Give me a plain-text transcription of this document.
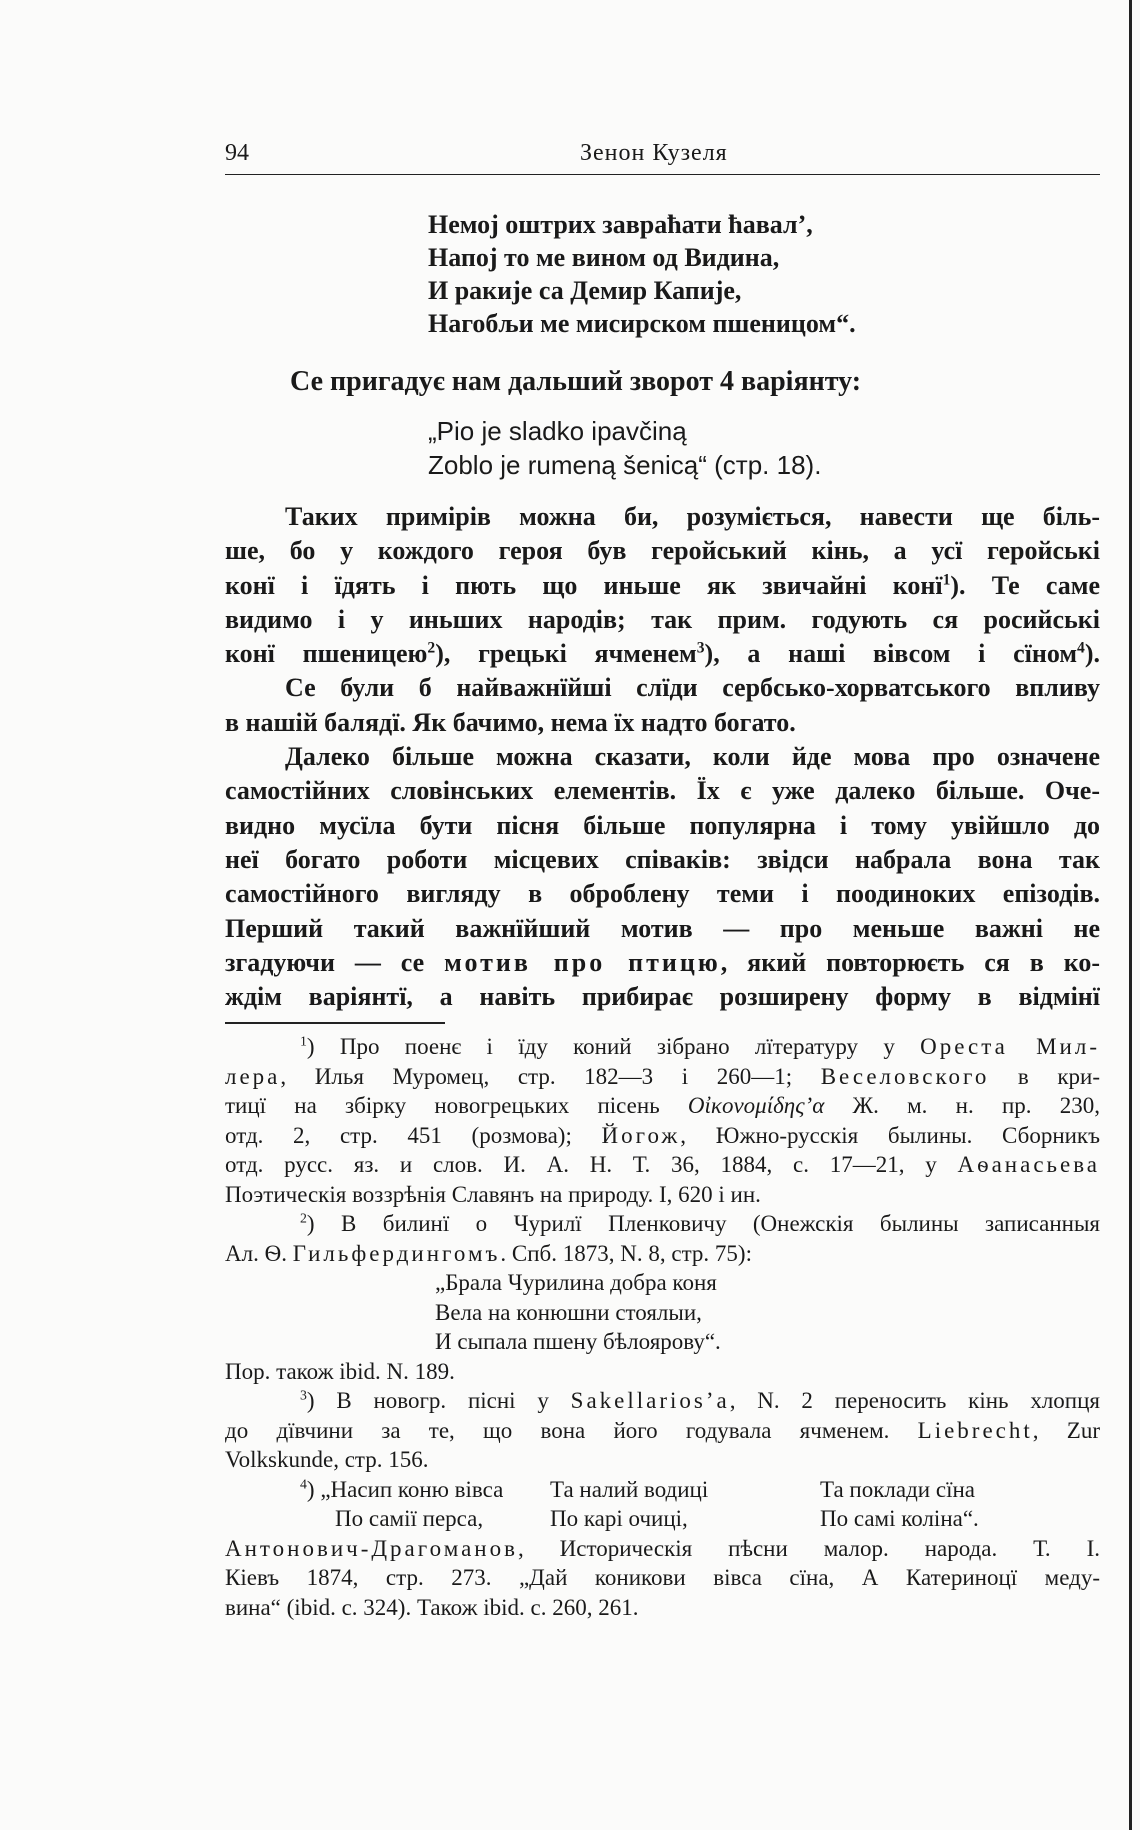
94	Зенон Кузеля
Немој оштрих завраћати ћавал’,
Напој то ме вином од Видина,
И ракије са Демир Капије,
Нагобљи ме мисирском пшеницом“.
Се пригадує нам дальший зворот 4 варіянту:
„Pio je sladko ipavčiną
Zoblo je rumeną šenicą“ (стр. 18).
Таких примірів можна би, розуміється, навести ще біль-
ше, бо у кождого героя був геройський кінь, а усї геройські
конї і їдять і пють що иньше як звичайні конї$^1$). Те саме
видимо і у иньших народів; так прим. годують ся росийські
конї пшеницею$^2$), грецькі ячменем$^3$), а наші вівсом і сїном$^4$).
Се були б найважнїйші слїди сербсько-хорватського впливу
в нашій балядї. Як бачимо, нема їх надто богато.
Далеко більше можна сказати, коли йде мова про означене
самостійних словінських елементів. Їх є уже далеко більше. Оче-
видно мусїла бути пісня більше популярна і тому увійшло до
неї богато роботи місцевих співаків: звідси набрала вона так
самостійного вигляду в оброблену теми і поодиноких епізодів.
Перший такий важнїйший мотив — про меньше важні не
згадуючи — се мотив про птицю, який повторюєть ся в ко-
ждім варіянтї, а навіть прибирає розширену форму в відмінї
$^1$) Про поенє і їду коний зібрано лїтературу у Ореста Мил-
лера, Илья Муромец, стр. 182—3 і 260—1; Веселовского в кри-
тицї на збірку новогрецьких пісень Οἰκονομίδης’α Ж. м. н. пр. 230,
отд. 2, стр. 451 (розмова); Йогож, Южно-русскія былины. Сборникъ
отд. русс. яз. и слов. И. А. Н. Т. 36, 1884, с. 17—21, у Аѳанасьева
Поэтическія воззрѣнія Славянъ на природу. I, 620 і ин.
$^2$) В билинї о Чурилї Пленковичу (Онежскія былины записанныя
Ал. Ѳ. Гильфердингомъ. Спб. 1873, N. 8, стр. 75):
„Брала Чурилина добра коня
Вела на конюшни стоялыи,
И сыпала пшену бѣлоярову“.
Пор. також ibid. N. 189.
$^3$) В новогр. пісні у Sakellarios’a, N. 2 переносить кінь хлопця
до дївчини за те, що вона його годувала ячменем. Liebrecht, Zur
Volkskunde, стр. 156.
$^4$) „Насип коню вівса	Та налий водиці	Та поклади сїна
По самії перса,	По карі очиці,	По самі коліна“.
Антонович-Драгоманов, Историческія пѣсни малор. народа. Т. I.
Кіевъ 1874, стр. 273. „Дай коникови вівса сїна, А Катериноцї меду-
вина“ (ibid. с. 324). Також ibid. с. 260, 261.
